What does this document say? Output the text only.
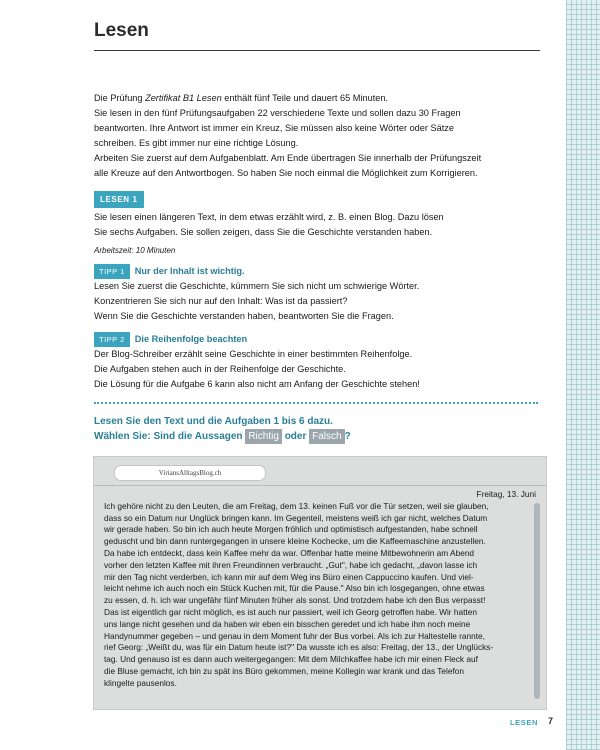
Lesen

Die Prüfung Zertifikat B1 Lesen enthält fünf Teile und dauert 65 Minuten.

Sie lesen in den fünf Prüfungsaufgaben 22 verschiedene Texte und sollen dazu 30 Fragen

beantworten. Ihre Antwort ist immer ein Kreuz, Sie müssen also keine Wörter oder Sätze

schreiben. Es gibt immer nur eine richtige Lösung.

Arbeiten Sie zuerst auf dem Aufgabenblatt. Am Ende übertragen Sie innerhalb der Prüfungszeit

alle Kreuze auf den Antwortbogen. So haben Sie noch einmal die Möglichkeit zum Korrigieren.

LESEN 1

Sie lesen einen längeren Text, in dem etwas erzählt wird, z. B. einen Blog. Dazu lösen

Sie sechs Aufgaben. Sie sollen zeigen, dass Sie die Geschichte verstanden haben.

Arbeitszeit: 10 Minuten

TIPP 1 Nur der Inhalt ist wichtig.

Lesen Sie zuerst die Geschichte, kümmern Sie sich nicht um schwierige Wörter.

Konzentrieren Sie sich nur auf den Inhalt: Was ist da passiert?

Wenn Sie die Geschichte verstanden haben, beantworten Sie die Fragen.

TIPP 2 Die Reihenfolge beachten

Der Blog-Schreiber erzählt seine Geschichte in einer bestimmten Reihenfolge.

Die Aufgaben stehen auch in der Reihenfolge der Geschichte.

Die Lösung für die Aufgabe 6 kann also nicht am Anfang der Geschichte stehen!

Lesen Sie den Text und die Aufgaben 1 bis 6 dazu.
Wählen Sie: Sind die Aussagen Richtig oder Falsch ?
ViriansAlltagsBlog.ch
Freitag, 13. Juni
Ich gehöre nicht zu den Leuten, die am Freitag, dem 13. keinen Fuß vor die Tür setzen, weil sie glauben,
dass so ein Datum nur Unglück bringen kann. Im Gegenteil, meistens weiß ich gar nicht, welches Datum
wir gerade haben. So bin ich auch heute Morgen fröhlich und optimistisch aufgestanden, habe schnell
geduscht und bin dann runtergegangen in unsere kleine Kochecke, um die Kaffeemaschine anzustellen.
Da habe ich entdeckt, dass kein Kaffee mehr da war. Offenbar hatte meine Mitbewohnerin am Abend
vorher den letzten Kaffee mit ihren Freundinnen verbraucht. „Gut", habe ich gedacht, „davon lasse ich
mir den Tag nicht verderben, ich kann mir auf dem Weg ins Büro einen Cappuccino kaufen. Und viel-
leicht nehme ich auch noch ein Stück Kuchen mit, für die Pause." Also bin ich losgegangen, ohne etwas
zu essen, d. h. ich war ungefähr fünf Minuten früher als sonst. Und trotzdem habe ich den Bus verpasst!
Das ist eigentlich gar nicht möglich, es ist auch nur passiert, weil ich Georg getroffen habe. Wir hatten
uns lange nicht gesehen und da haben wir eben ein bisschen geredet und ich habe ihm noch meine
Handynummer gegeben – und genau in dem Moment fuhr der Bus vorbei. Als ich zur Haltestelle rannte,
rief Georg: „Weißt du, was für ein Datum heute ist?" Da wusste ich es also: Freitag, der 13., der Unglücks-
tag. Und genauso ist es dann auch weitergegangen: Mit dem Milchkaffee habe ich mir einen Fleck auf
die Bluse gemacht, ich bin zu spät ins Büro gekommen, meine Kollegin war krank und das Telefon
klingelte pausenlos.
LESEN 7
